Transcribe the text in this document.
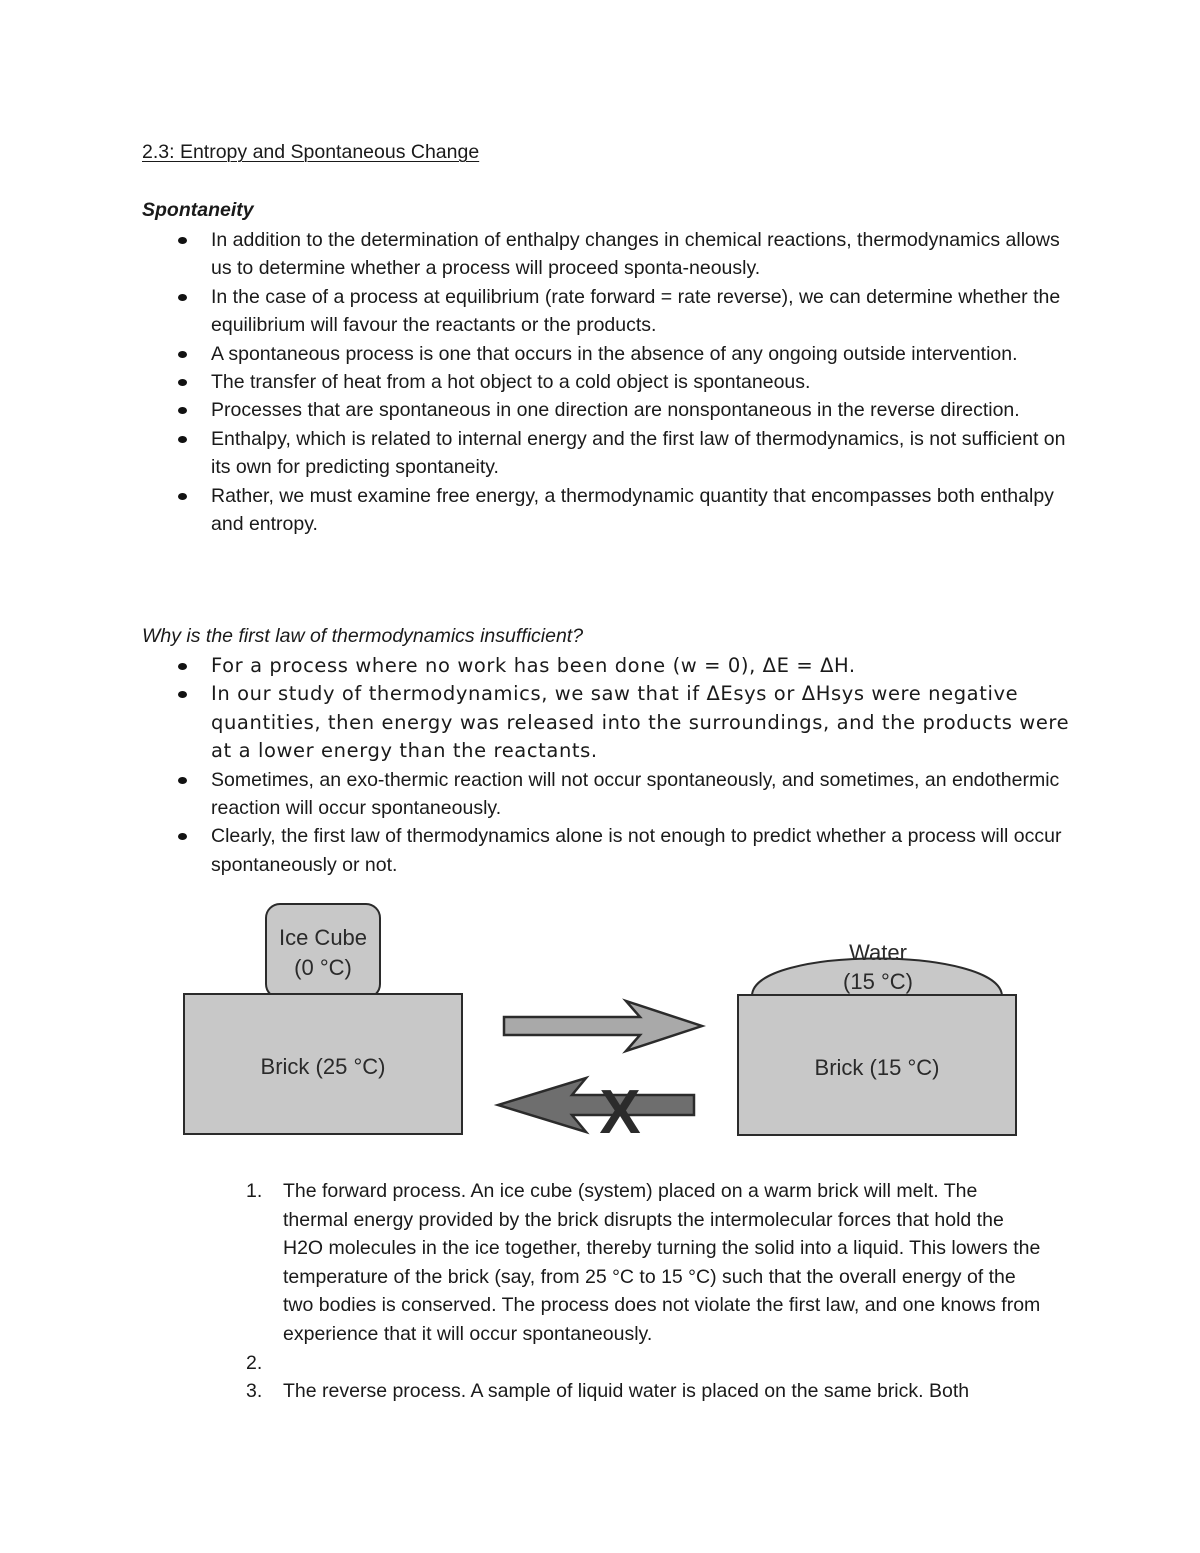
2.3: Entropy and Spontaneous Change
Spontaneity
In addition to the determination of enthalpy changes in chemical reactions, thermodynamics allows us to determine whether a process will proceed sponta-neously.
In the case of a process at equilibrium (rate forward = rate reverse), we can determine whether the equilibrium will favour the reactants or the products.
A spontaneous process is one that occurs in the absence of any ongoing outside intervention.
The transfer of heat from a hot object to a cold object is spontaneous.
Processes that are spontaneous in one direction are nonspontaneous in the reverse direction.
Enthalpy, which is related to internal energy and the first law of thermodynamics, is not sufficient on its own for predicting spontaneity.
Rather, we must examine free energy, a thermodynamic quantity that encompasses both enthalpy and entropy.
Why is the first law of thermodynamics insufficient?
For a process where no work has been done (w = 0), ΔE = ΔH.
In our study of thermodynamics, we saw that if ΔEsys or ΔHsys were negative quantities, then energy was released into the surroundings, and the products were at a lower energy than the reactants.
Sometimes, an exo-thermic reaction will not occur spontaneously, and sometimes, an endothermic reaction will occur spontaneously.
Clearly, the first law of thermodynamics alone is not enough to predict whether a process will occur spontaneously or not.
Ice Cube
(0 °C)
Brick (25 °C)
X
Water
(15 °C)
Brick (15 °C)
1. The forward process. An ice cube (system) placed on a warm brick will melt. The thermal energy provided by the brick disrupts the intermolecular forces that hold the H2O molecules in the ice together, thereby turning the solid into a liquid. This lowers the temperature of the brick (say, from 25 °C to 15 °C) such that the overall energy of the two bodies is conserved. The process does not violate the first law, and one knows from experience that it will occur spontaneously.
2.

3. The reverse process. A sample of liquid water is placed on the same brick. Both
